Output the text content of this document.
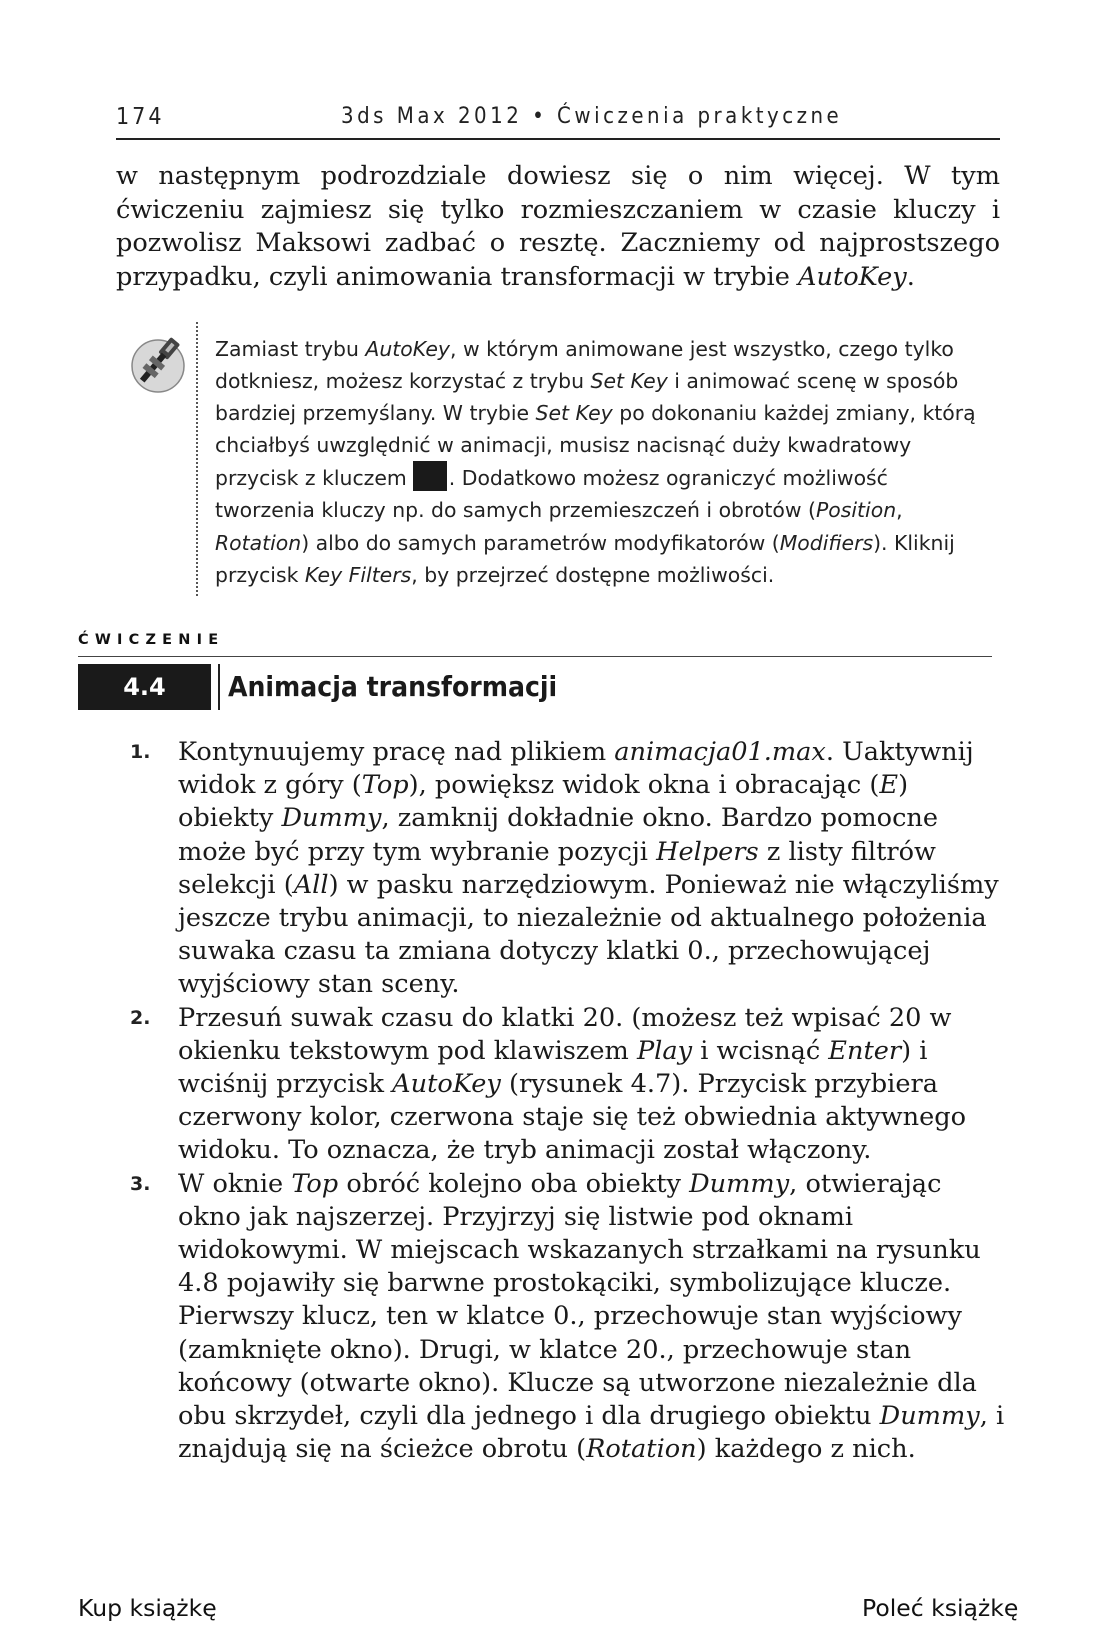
174	3ds Max 2012 • Ćwiczenia praktyczne

w następnym podrozdziale dowiesz się o nim więcej. W tym ćwiczeniu zajmiesz się tylko rozmieszczaniem w czasie kluczy i pozwolisz Maksowi zadbać o resztę. Zaczniemy od najprostszego przypadku, czyli animowania transformacji w trybie AutoKey.

Zamiast trybu AutoKey, w którym animowane jest wszystko, czego tylko dotkniesz, możesz korzystać z trybu Set Key i animować scenę w sposób bardziej przemyślany. W trybie Set Key po dokonaniu każdej zmiany, którą chciałbyś uwzględnić w animacji, musisz nacisnąć duży kwadratowy przycisk z kluczem . Dodatkowo możesz ograniczyć możliwość tworzenia kluczy np. do samych przemieszczeń i obrotów (Position, Rotation) albo do samych parametrów modyfikatorów (Modifiers). Kliknij przycisk Key Filters, by przejrzeć dostępne możliwości.

ĆWICZENIE
4.4	Animacja transformacji
1. Kontynuujemy pracę nad plikiem animacja01.max. Uaktywnij widok z góry (Top), powiększ widok okna i obracając (E) obiekty Dummy, zamknij dokładnie okno. Bardzo pomocne może być przy tym wybranie pozycji Helpers z listy filtrów selekcji (All) w pasku narzędziowym. Ponieważ nie włączyliśmy jeszcze trybu animacji, to niezależnie od aktualnego położenia suwaka czasu ta zmiana dotyczy klatki 0., przechowującej wyjściowy stan sceny.
2. Przesuń suwak czasu do klatki 20. (możesz też wpisać 20 w okienku tekstowym pod klawiszem Play i wcisnąć Enter) i wciśnij przycisk AutoKey (rysunek 4.7). Przycisk przybiera czerwony kolor, czerwona staje się też obwiednia aktywnego widoku. To oznacza, że tryb animacji został włączony.
3. W oknie Top obróć kolejno oba obiekty Dummy, otwierając okno jak najszerzej. Przyjrzyj się listwie pod oknami widokowymi. W miejscach wskazanych strzałkami na rysunku 4.8 pojawiły się barwne prostokąciki, symbolizujące klucze. Pierwszy klucz, ten w klatce 0., przechowuje stan wyjściowy (zamknięte okno). Drugi, w klatce 20., przechowuje stan końcowy (otwarte okno). Klucze są utworzone niezależnie dla obu skrzydeł, czyli dla jednego i dla drugiego obiektu Dummy, i znajdują się na ścieżce obrotu (Rotation) każdego z nich.
Kup książkę	Poleć książkę
